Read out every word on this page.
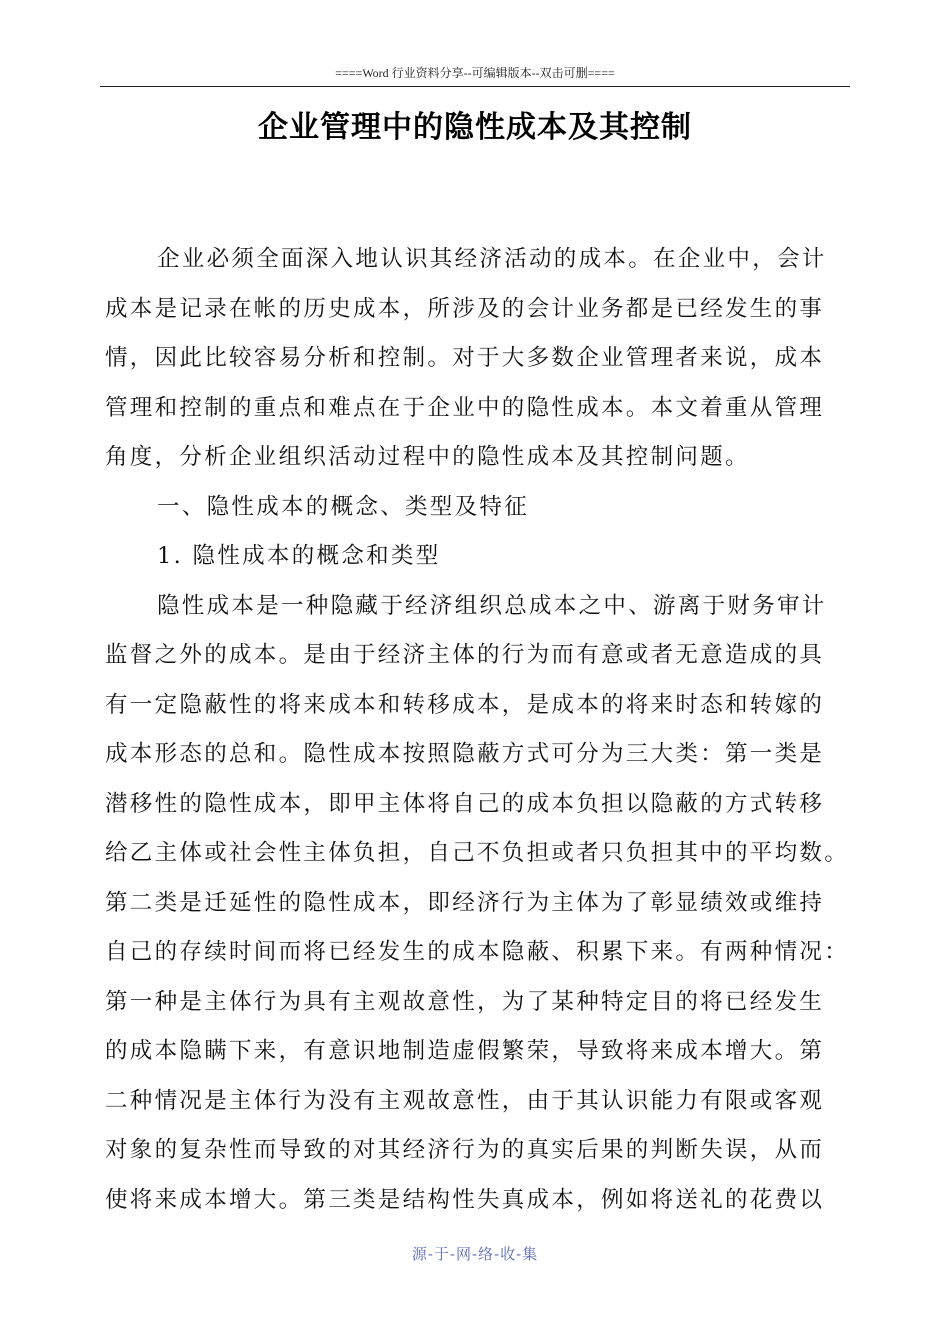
====Word 行业资料分享--可编辑版本--双击可删====
企业管理中的隐性成本及其控制
企业必须全面深入地认识其经济活动的成本。在企业中，会计
成本是记录在帐的历史成本，所涉及的会计业务都是已经发生的事
情，因此比较容易分析和控制。对于大多数企业管理者来说，成本
管理和控制的重点和难点在于企业中的隐性成本。本文着重从管理
角度，分析企业组织活动过程中的隐性成本及其控制问题。
一、隐性成本的概念、类型及特征
1. 隐性成本的概念和类型
隐性成本是一种隐藏于经济组织总成本之中、游离于财务审计
监督之外的成本。是由于经济主体的行为而有意或者无意造成的具
有一定隐蔽性的将来成本和转移成本，是成本的将来时态和转嫁的
成本形态的总和。隐性成本按照隐蔽方式可分为三大类：第一类是
潜移性的隐性成本，即甲主体将自己的成本负担以隐蔽的方式转移
给乙主体或社会性主体负担，自己不负担或者只负担其中的平均数。
第二类是迁延性的隐性成本，即经济行为主体为了彰显绩效或维持
自己的存续时间而将已经发生的成本隐蔽、积累下来。有两种情况：
第一种是主体行为具有主观故意性，为了某种特定目的将已经发生
的成本隐瞒下来，有意识地制造虚假繁荣，导致将来成本增大。第
二种情况是主体行为没有主观故意性，由于其认识能力有限或客观
对象的复杂性而导致的对其经济行为的真实后果的判断失误，从而
使将来成本增大。第三类是结构性失真成本，例如将送礼的花费以
源-于-网-络-收-集
